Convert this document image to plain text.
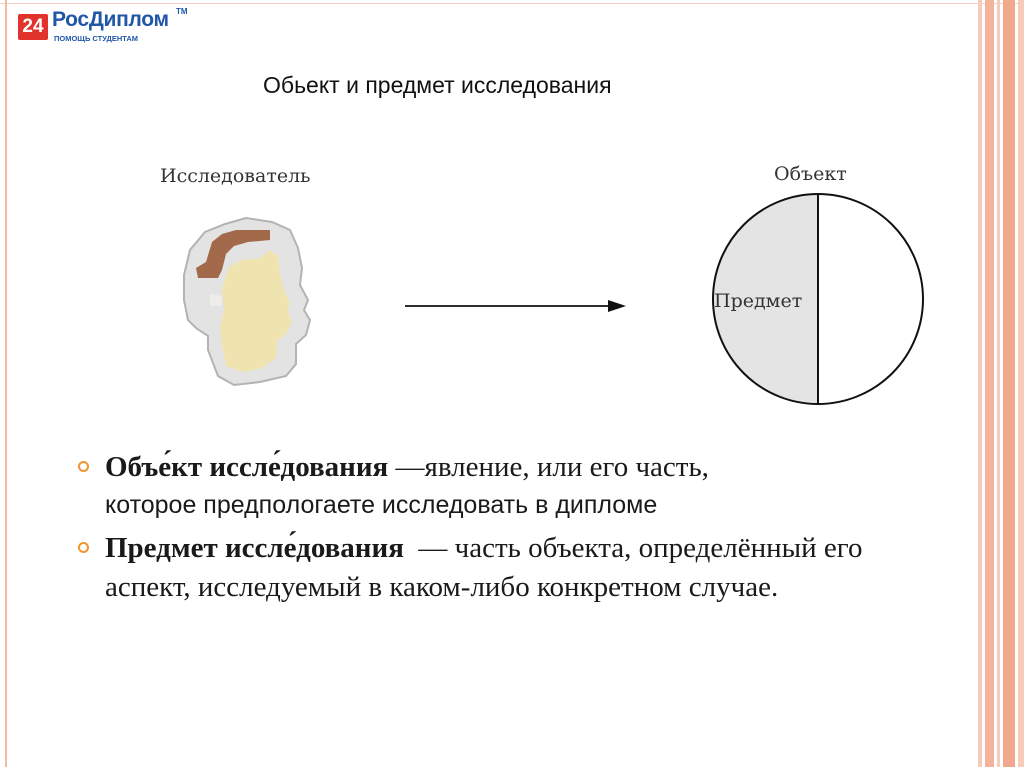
24 РосДиплом TM
ПОМОЩЬ СТУДЕНТАМ
Обьект и предмет исследования
Исследователь	Объект
Предмет
Объе́кт иссле́дования —явление, или его часть,
которое предпологаете исследовать в дипломе
Предмет иссле́дования  — часть объекта, определённый его аспект, исследуемый в каком-либо конкретном случае.
